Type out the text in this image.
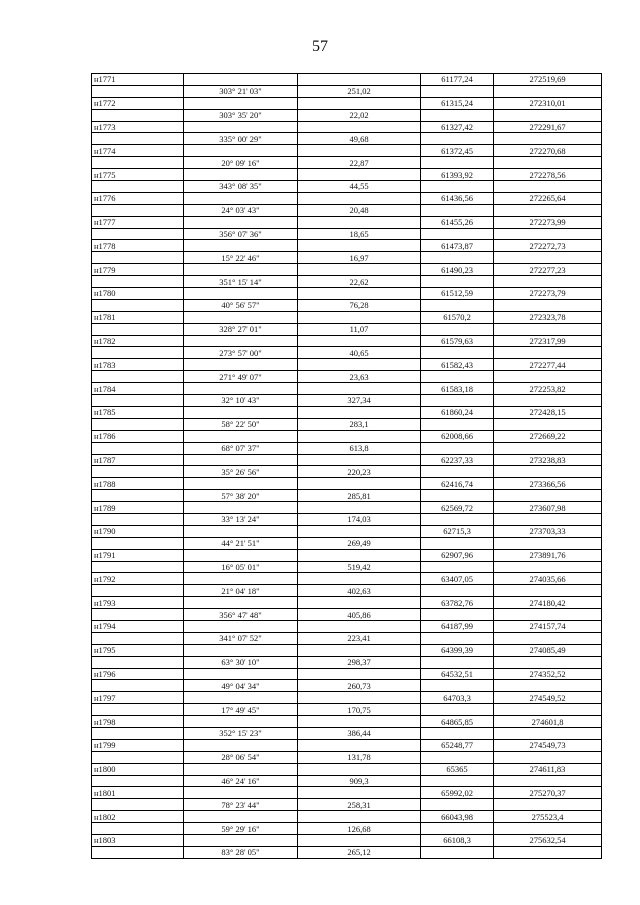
57
н1771			61177,24	272519,69
	303° 21' 03"	251,02		
н1772			61315,24	272310,01
	303° 35' 20"	22,02		
н1773			61327,42	272291,67
	335° 00' 29"	49,68		
н1774			61372,45	272270,68
	20° 09' 16"	22,87		
н1775			61393,92	272278,56
	343° 08' 35"	44,55		
н1776			61436,56	272265,64
	24° 03' 43"	20,48		
н1777			61455,26	272273,99
	356° 07' 36"	18,65		
н1778			61473,87	272272,73
	15° 22' 46"	16,97		
н1779			61490,23	272277,23
	351° 15' 14"	22,62		
н1780			61512,59	272273,79
	40° 56' 57"	76,28		
н1781			61570,2	272323,78
	328° 27' 01"	11,07		
н1782			61579,63	272317,99
	273° 57' 00"	40,65		
н1783			61582,43	272277,44
	271° 49' 07"	23,63		
н1784			61583,18	272253,82
	32° 10' 43"	327,34		
н1785			61860,24	272428,15
	58° 22' 50"	283,1		
н1786			62008,66	272669,22
	68° 07' 37"	613,8		
н1787			62237,33	273238,83
	35° 26' 56"	220,23		
н1788			62416,74	273366,56
	57° 38' 20"	285,81		
н1789			62569,72	273607,98
	33° 13' 24"	174,03		
н1790			62715,3	273703,33
	44° 21' 51"	269,49		
н1791			62907,96	273891,76
	16° 05' 01"	519,42		
н1792			63407,05	274035,66
	21° 04' 18"	402,63		
н1793			63782,76	274180,42
	356° 47' 48"	405,86		
н1794			64187,99	274157,74
	341° 07' 52"	223,41		
н1795			64399,39	274085,49
	63° 30' 10"	298,37		
н1796			64532,51	274352,52
	49° 04' 34"	260,73		
н1797			64703,3	274549,52
	17° 49' 45"	170,75		
н1798			64865,85	274601,8
	352° 15' 23"	386,44		
н1799			65248,77	274549,73
	28° 06' 54"	131,78		
н1800			65365	274611,83
	46° 24' 16"	909,3		
н1801			65992,02	275270,37
	78° 23' 44"	258,31		
н1802			66043,98	275523,4
	59° 29' 16"	126,68		
н1803			66108,3	275632,54
	83° 28' 05"	265,12		
